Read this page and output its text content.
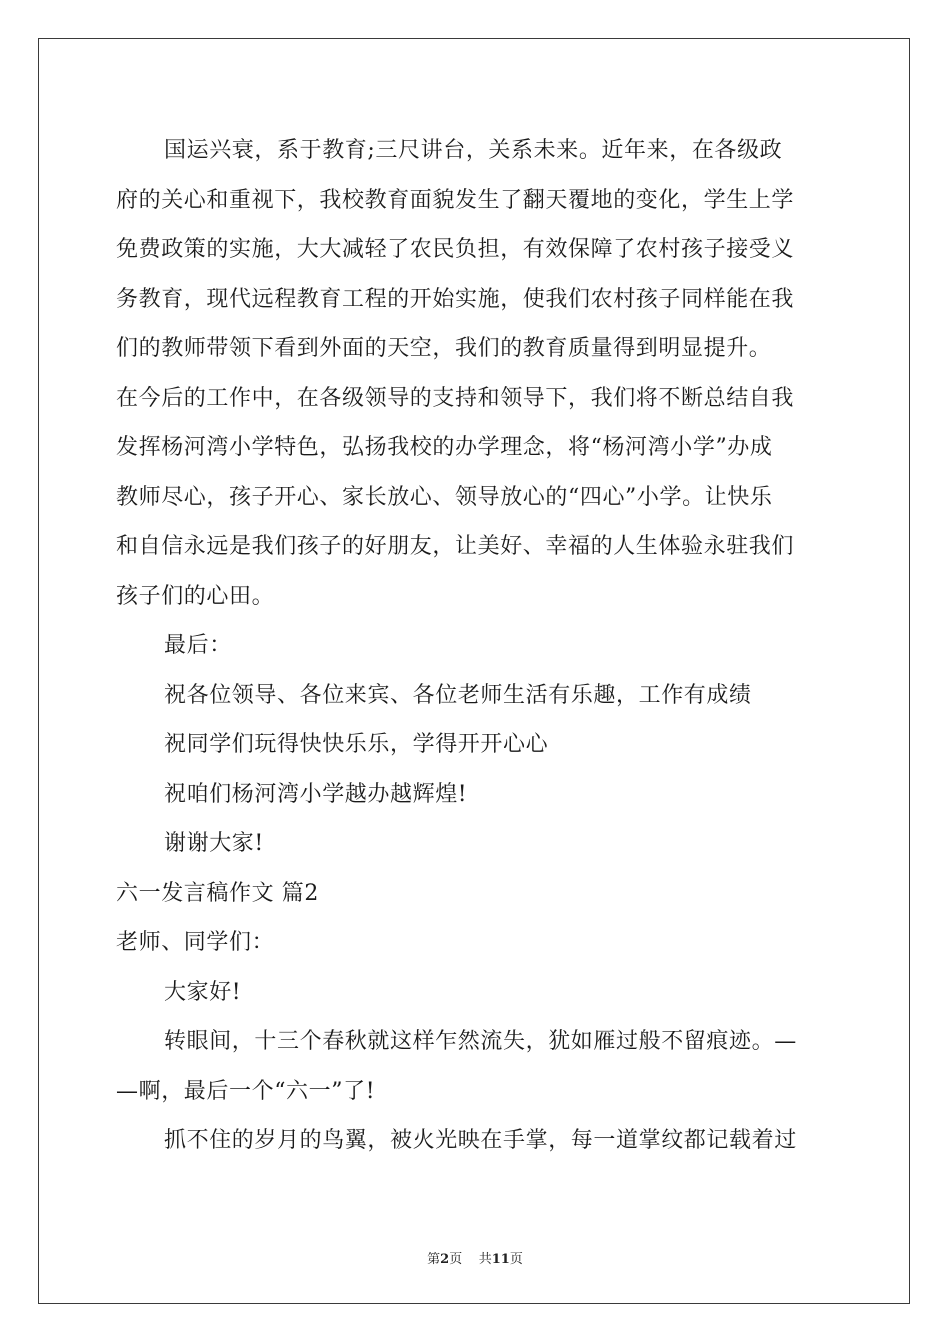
国运兴衰，系于教育;三尺讲台，关系未来。近年来，在各级政
府的关心和重视下，我校教育面貌发生了翻天覆地的变化，学生上学
免费政策的实施，大大减轻了农民负担，有效保障了农村孩子接受义
务教育，现代远程教育工程的开始实施，使我们农村孩子同样能在我
们的教师带领下看到外面的天空，我们的教育质量得到明显提升。
在今后的工作中，在各级领导的支持和领导下，我们将不断总结自我
发挥杨河湾小学特色，弘扬我校的办学理念，将“杨河湾小学”办成
教师尽心，孩子开心、家长放心、领导放心的“四心”小学。让快乐
和自信永远是我们孩子的好朋友，让美好、幸福的人生体验永驻我们
孩子们的心田。
最后：
祝各位领导、各位来宾、各位老师生活有乐趣，工作有成绩
祝同学们玩得快快乐乐，学得开开心心
祝咱们杨河湾小学越办越辉煌!
谢谢大家!
六一发言稿作文 篇2
老师、同学们：
大家好!
转眼间，十三个春秋就这样乍然流失，犹如雁过般不留痕迹。—
—啊，最后一个“六一”了!
抓不住的岁月的鸟翼，被火光映在手掌，每一道掌纹都记载着过
第2页 共11页
